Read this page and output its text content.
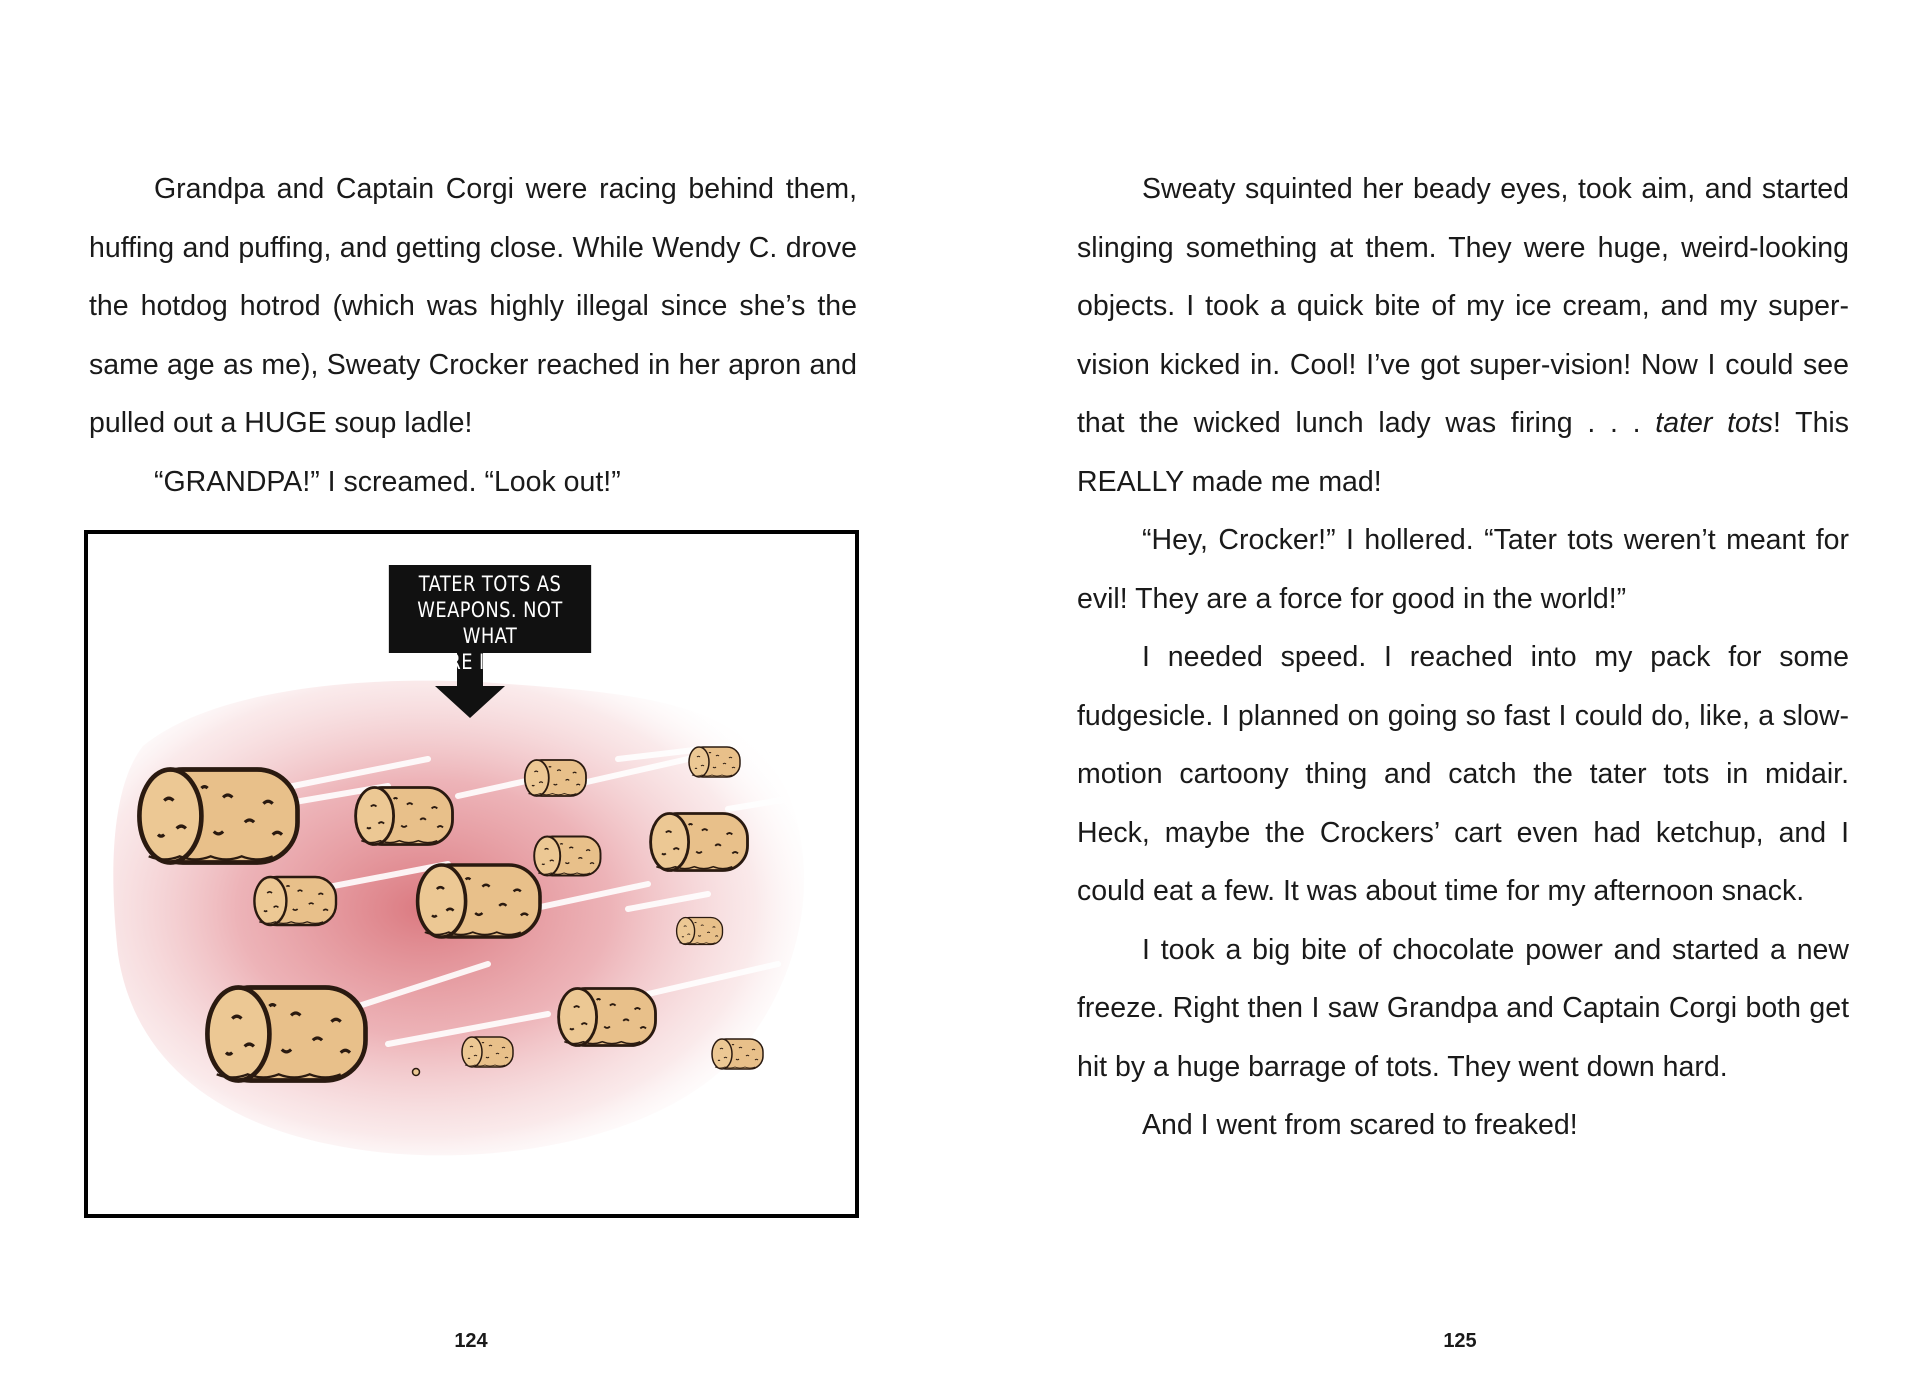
Grandpa and Captain Corgi were racing behind them, huffing and puffing, and getting close. While Wendy C. drove the hotdog hotrod (which was highly illegal since she’s the same age as me), Sweaty Crocker reached in her apron and pulled out a HUGE soup ladle!

“GRANDPA!” I screamed. “Look out!”

TATER TOTS AS
WEAPONS. NOT WHAT
NATURE INTENDED.
124

Sweaty squinted her beady eyes, took aim, and started slinging something at them. They were huge, weird-looking objects. I took a quick bite of my ice cream, and my super-vision kicked in. Cool! I’ve got super-vision! Now I could see that the wicked lunch lady was firing . . . tater tots! This REALLY made me mad!

“Hey, Crocker!” I hollered. “Tater tots weren’t meant for evil! They are a force for good in the world!”

I needed speed. I reached into my pack for some fudgesicle. I planned on going so fast I could do, like, a slow-motion cartoony thing and catch the tater tots in midair. Heck, maybe the Crockers’ cart even had ketchup, and I could eat a few. It was about time for my afternoon snack.

I took a big bite of chocolate power and started a new freeze. Right then I saw Grandpa and Captain Corgi both get hit by a huge barrage of tots. They went down hard.

And I went from scared to freaked!

125
